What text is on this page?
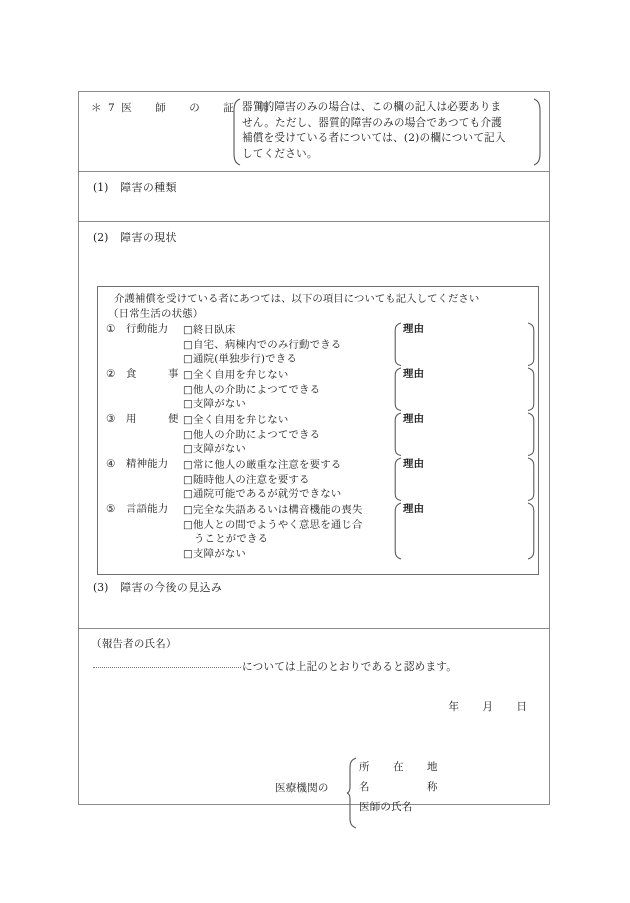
＊7医　師　の　証　明

器質的障害のみの場合は、この欄の記入は必要ありま

せん。ただし、器質的障害のみの場合であつても介護

補償を受けている者については、(2)の欄について記入

してください。

(1) 障害の種類
(2) 障害の現状
介護補償を受けている者にあつては、以下の項目についても記入してください
（日常生活の状態）
① 行動能力 □終日臥床
□自宅、病棟内でのみ行動できる
□通院(単独歩行)できる
理由
② 食　事
□全く自用を弁じない
□他人の介助によつてできる
□支障がない
理由
③ 用　便
□全く自用を弁じない
□他人の介助によつてできる
□支障がない
理由
④ 精神能力 □常に他人の厳重な注意を要する
□随時他人の注意を要する
□通院可能であるが就労できない
理由
⑤ 言語能力 □完全な失語あるいは構音機能の喪失
□他人との間でようやく意思を通じ合
うことができる
□支障がない
理由
(3) 障害の今後の見込み
（報告者の氏名）
については上記のとおりであると認めます。
年 月 日
医療機関の
所　在　地
名　　　称
医師の氏名
